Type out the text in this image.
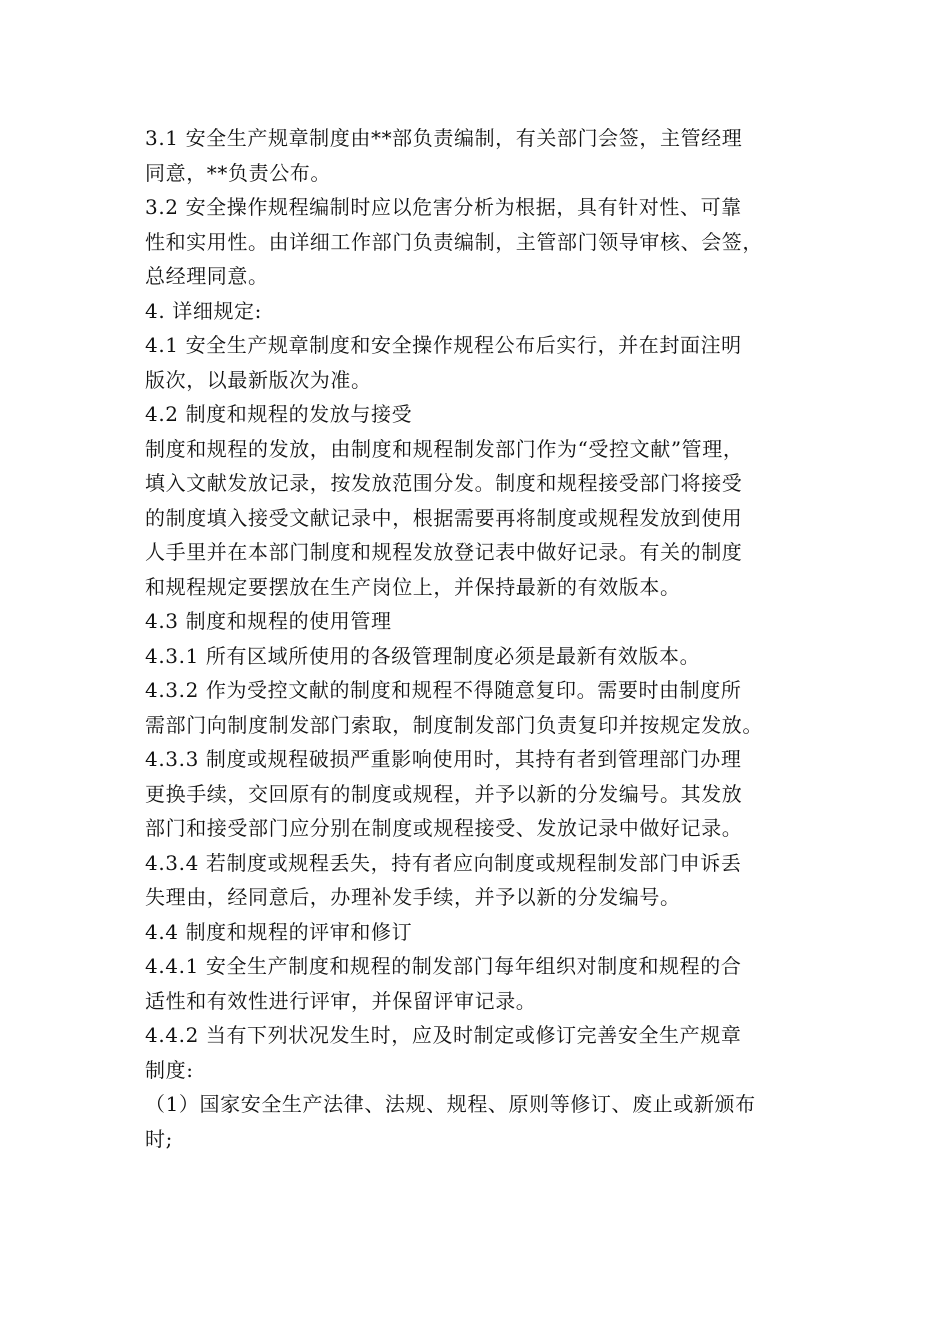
3.1 安全生产规章制度由**部负责编制，有关部门会签，主管经理
同意，**负责公布。
3.2 安全操作规程编制时应以危害分析为根据，具有针对性、可靠
性和实用性。由详细工作部门负责编制，主管部门领导审核、会签，
总经理同意。
4. 详细规定:
4.1 安全生产规章制度和安全操作规程公布后实行，并在封面注明
版次，以最新版次为准。
4.2 制度和规程的发放与接受
制度和规程的发放，由制度和规程制发部门作为“受控文献”管理，
填入文献发放记录，按发放范围分发。制度和规程接受部门将接受
的制度填入接受文献记录中，根据需要再将制度或规程发放到使用
人手里并在本部门制度和规程发放登记表中做好记录。有关的制度
和规程规定要摆放在生产岗位上，并保持最新的有效版本。
4.3 制度和规程的使用管理
4.3.1 所有区域所使用的各级管理制度必须是最新有效版本。
4.3.2 作为受控文献的制度和规程不得随意复印。需要时由制度所
需部门向制度制发部门索取，制度制发部门负责复印并按规定发放。
4.3.3 制度或规程破损严重影响使用时，其持有者到管理部门办理
更换手续，交回原有的制度或规程，并予以新的分发编号。其发放
部门和接受部门应分别在制度或规程接受、发放记录中做好记录。
4.3.4 若制度或规程丢失，持有者应向制度或规程制发部门申诉丢
失理由，经同意后，办理补发手续，并予以新的分发编号。
4.4 制度和规程的评审和修订
4.4.1 安全生产制度和规程的制发部门每年组织对制度和规程的合
适性和有效性进行评审，并保留评审记录。
4.4.2 当有下列状况发生时，应及时制定或修订完善安全生产规章
制度:
（1）国家安全生产法律、法规、规程、原则等修订、废止或新颁布
时;
